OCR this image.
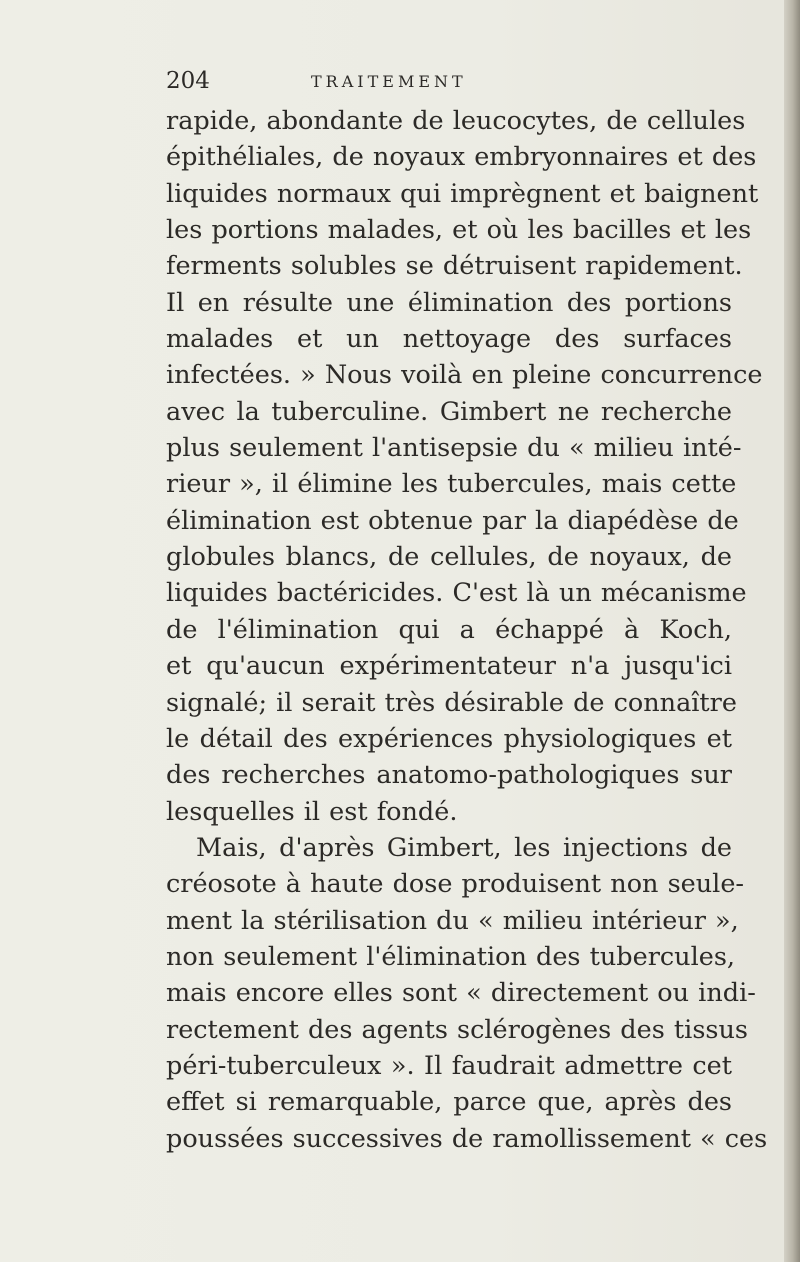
204	TRAITEMENT
rapide, abondante de leucocytes, de cellules
épithéliales, de noyaux embryonnaires et des
liquides normaux qui imprègnent et baignent
les portions malades, et où les bacilles et les
ferments solubles se détruisent rapidement.
Il en résulte une élimination des portions
malades et un nettoyage des surfaces
infectées. » Nous voilà en pleine concurrence
avec la tuberculine. Gimbert ne recherche
plus seulement l'antisepsie du « milieu inté-
rieur », il élimine les tubercules, mais cette
élimination est obtenue par la diapédèse de
globules blancs, de cellules, de noyaux, de
liquides bactéricides. C'est là un mécanisme
de l'élimination qui a échappé à Koch,
et qu'aucun expérimentateur n'a jusqu'ici
signalé; il serait très désirable de connaître
le détail des expériences physiologiques et
des recherches anatomo-pathologiques sur
lesquelles il est fondé.
Mais, d'après Gimbert, les injections de
créosote à haute dose produisent non seule-
ment la stérilisation du « milieu intérieur »,
non seulement l'élimination des tubercules,
mais encore elles sont « directement ou indi-
rectement des agents sclérogènes des tissus
péri-tuberculeux ». Il faudrait admettre cet
effet si remarquable, parce que, après des
poussées successives de ramollissement « ces
